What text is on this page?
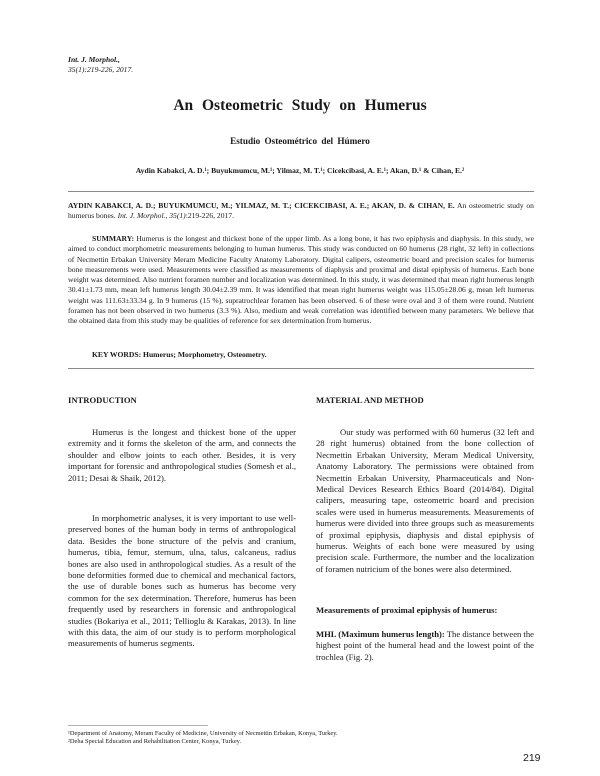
Int. J. Morphol.,
35(1):219-226, 2017.
An Osteometric Study on Humerus
Estudio Osteométrico del Húmero
Aydin Kabakci, A. D.¹; Buyukmumcu, M.¹; Yilmaz, M. T.¹; Cicekcibasi, A. E.¹; Akan, D.¹ & Cihan, E.²
AYDIN KABAKCI, A. D.; BUYUKMUMCU, M.; YILMAZ, M. T.; CICEKCIBASI, A. E.; AKAN, D. & CIHAN, E. An osteometric study on humerus bones. Int. J. Morphol., 35(1):219-226, 2017.

SUMMARY: Humerus is the longest and thickest bone of the upper limb. As a long bone, it has two epiphysis and diaphysis. In this study, we aimed to conduct morphometric measurements belonging to human humerus. This study was conducted on 60 humerus (28 right, 32 left) in collections of Necmettin Erbakan University Meram Medicine Faculty Anatomy Laboratory. Digital calipers, osteometric board and precision scales for humerus bone measurements were used. Measurements were classified as measurements of diaphysis and proximal and distal epiphysis of humerus. Each bone weight was determined. Also nutrient foramen number and localization was determined. In this study, it was determined that mean right humerus length 30.41±1.73 mm, mean left humerus length 30.04±2.39 mm. It was identified that mean right humerus weight was 115.05±28.06 g, mean left humerus weight was 111.63±33.34 g. In 9 humerus (15 %), supratrochlear foramen has been observed. 6 of these were oval and 3 of them were round. Nutrient foramen has not been observed in two humerus (3.3 %). Also, medium and weak correlation was identified between many parameters. We believe that the obtained data from this study may be qualities of reference for sex determination from humerus.

KEY WORDS: Humerus; Morphometry, Osteometry.
INTRODUCTION

Humerus is the longest and thickest bone of the upper extremity and it forms the skeleton of the arm, and connects the shoulder and elbow joints to each other. Besides, it is very important for forensic and anthropological studies (Somesh et al., 2011; Desai & Shaik, 2012).

In morphometric analyses, it is very important to use well-preserved bones of the human body in terms of anthropological data. Besides the bone structure of the pelvis and cranium, humerus, tibia, femur, sternum, ulna, talus, calcaneus, radius bones are also used in anthropological studies. As a result of the bone deformities formed due to chemical and mechanical factors, the use of durable bones such as humerus has become very common for the sex determination. Therefore, humerus has been frequently used by researchers in forensic and anthropological studies (Bokariya et al., 2011; Tellioglu & Karakas, 2013). In line with this data, the aim of our study is to perform morphological measurements of humerus segments.

MATERIAL AND METHOD

Our study was performed with 60 humerus (32 left and 28 right humerus) obtained from the bone collection of Necmettin Erbakan University, Meram Medical University, Anatomy Laboratory. The permissions were obtained from Necmettin Erbakan University, Pharmaceuticals and Non-Medical Devices Research Ethics Board (2014/84). Digital calipers, measuring tape, osteometric board and precision scales were used in humerus measurements. Measurements of humerus were divided into three groups such as measurements of proximal epiphysis, diaphysis and distal epiphysis of humerus. Weights of each bone were measured by using precision scale. Furthermore, the number and the localization of foramen nutricium of the bones were also determined.

Measurements of proximal epiphysis of humerus:

MHL (Maximum humerus length): The distance between the highest point of the humeral head and the lowest point of the trochlea (Fig. 2).

¹Department of Anatomy, Meram Faculty of Medicine, University of Necmettin Erbakan, Konya, Turkey.
²Deha Special Education and Rehabilitation Center, Konya, Turkey.
219
